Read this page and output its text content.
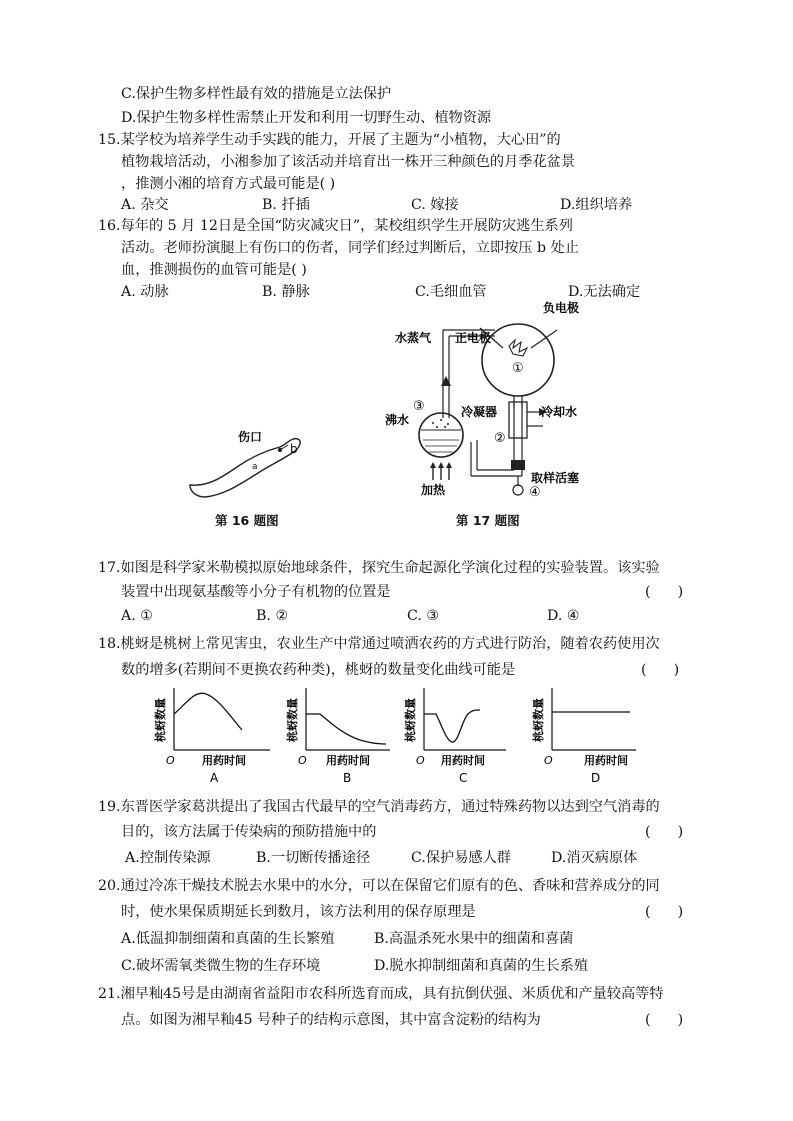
C.保护生物多样性最有效的措施是立法保护
D.保护生物多样性需禁止开发和利用一切野生动、植物资源
15.某学校为培养学生动手实践的能力，开展了主题为“小植物，大心田”的
植物栽培活动，小湘参加了该活动并培育出一株开三种颜色的月季花盆景
，推测小湘的培育方式最可能是( )
A. 杂交	B. 扦插	C. 嫁接	D.组织培养
16.每年的 5 月 12日是全国“防灾减灾日”，某校组织学生开展防灾逃生系列
活动。老师扮演腿上有伤口的伤者，同学们经过判断后，立即按压 b 处止
血，推测损伤的血管可能是( )
A. 动脉	B. 静脉	C.毛细血管	D.无法确定
伤口
b
a
第 16 题图
负电极
正电极
水蒸气
沸水
冷凝器	冷却水
加热
取样活塞
①
②
③
④
第 17 题图
17.如图是科学家米勒模拟原始地球条件，探究生命起源化学演化过程的实验装置。该实验
装置中出现氨基酸等小分子有机物的位置是	(      )
A. ①	B. ②	C. ③	D. ④
18.桃蚜是桃树上常见害虫，农业生产中常通过喷洒农药的方式进行防治，随着农药使用次
数的增多(若期间不更换农药种类)，桃蚜的数量变化曲线可能是	(      )
桃蚜数量
O 用药时间
A
桃蚜数量
O 用药时间
B
桃蚜数量
O 用药时间
C
桃蚜数量
O	用药时间
D
19.东晋医学家葛洪提出了我国古代最早的空气消毒药方，通过特殊药物以达到空气消毒的
目的，该方法属于传染病的预防措施中的	(      )
A.控制传染源	B.一切断传播途径	C.保护易感人群	D.消灭病原体
20.通过冷冻干燥技术脱去水果中的水分，可以在保留它们原有的色、香味和营养成分的同
时，使水果保质期延长到数月，该方法利用的保存原理是	(      )
A.低温抑制细菌和真菌的生长繁殖	B.高温杀死水果中的细菌和喜菌
C.破坏需氧类微生物的生存环境	D.脱水抑制细菌和真菌的生长系殖
21.湘早籼45号是由湖南省益阳市农科所选育而成，具有抗倒伏强、米质优和产量较高等特
点。如图为湘早籼45 号种子的结构示意图，其中富含淀粉的结构为	(      )
